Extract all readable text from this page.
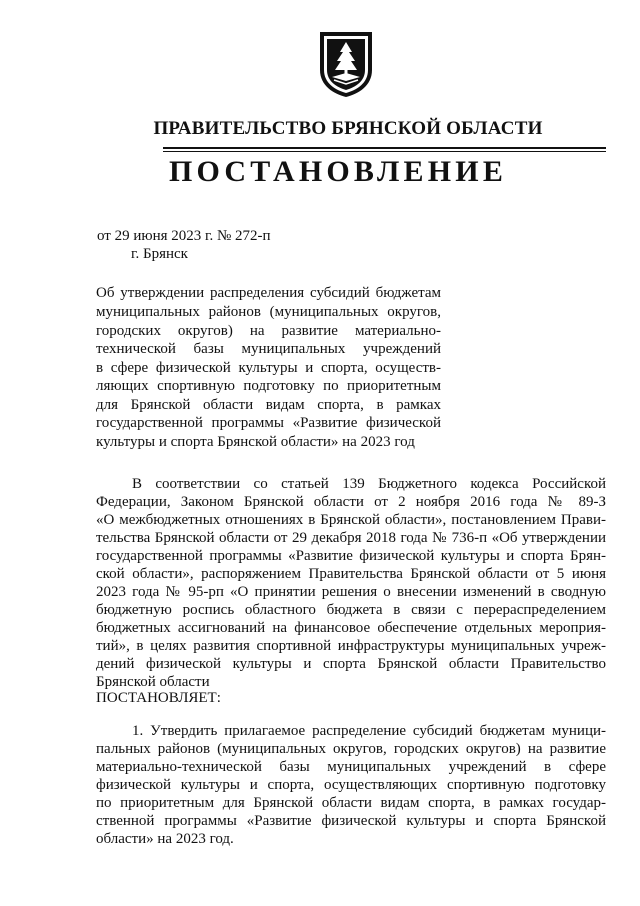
ПРАВИТЕЛЬСТВО БРЯНСКОЙ ОБЛАСТИ
ПОСТАНОВЛЕНИЕ
от 29 июня 2023 г. № 272-п
г. Брянск
Об утверждении распределения субсидий бюджетам
муниципальных районов (муниципальных округов,
городских округов) на развитие материально-
технической базы муниципальных учреждений
в сфере физической культуры и спорта, осуществ-
ляющих спортивную подготовку по приоритетным
для Брянской области видам спорта, в рамках
государственной программы «Развитие физической
культуры и спорта Брянской области» на 2023 год
В соответствии со статьей 139 Бюджетного кодекса Российской
Федерации, Законом Брянской области от 2 ноября 2016 года № 89-З
«О межбюджетных отношениях в Брянской области», постановлением Прави-
тельства Брянской области от 29 декабря 2018 года № 736-п «Об утверждении
государственной программы «Развитие физической культуры и спорта Брян-
ской области», распоряжением Правительства Брянской области от 5 июня
2023 года № 95-рп «О принятии решения о внесении изменений в сводную
бюджетную роспись областного бюджета в связи с перераспределением
бюджетных ассигнований на финансовое обеспечение отдельных мероприя-
тий», в целях развития спортивной инфраструктуры муниципальных учреж-
дений физической культуры и спорта Брянской области Правительство
Брянской области
ПОСТАНОВЛЯЕТ:
1. Утвердить прилагаемое распределение субсидий бюджетам муници-
пальных районов (муниципальных округов, городских округов) на развитие
материально-технической базы муниципальных учреждений в сфере
физической культуры и спорта, осуществляющих спортивную подготовку
по приоритетным для Брянской области видам спорта, в рамках государ-
ственной программы «Развитие физической культуры и спорта Брянской
области» на 2023 год.
